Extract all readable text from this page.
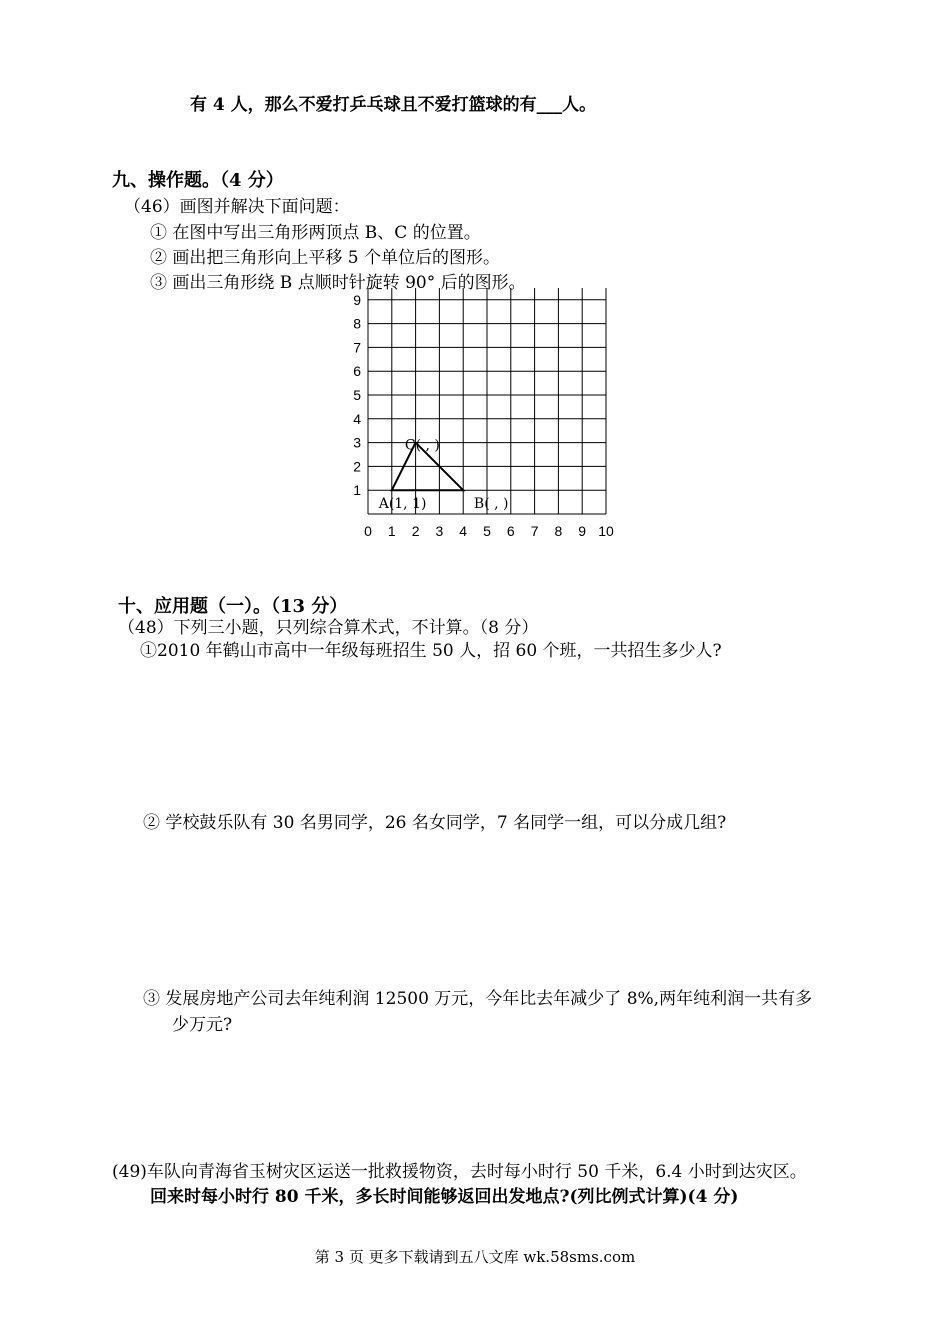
有 4 人，那么不爱打乒乓球且不爱打篮球的有___人。
九、操作题。（4 分）
（46）画图并解决下面问题：
① 在图中写出三角形两顶点 B、C 的位置。
② 画出把三角形向上平移 5 个单位后的图形。
③ 画出三角形绕 B 点顺时针旋转 90° 后的图形。
0 1 2 3 4 5 6 7 8 9 10
1
2
3
4
5
6
7
8
9
A(1, 1)	B( , )
C( , )
十、应用题（一）。（13 分）
（48）下列三小题，只列综合算术式，不计算。（8 分）
①2010 年鹤山市高中一年级每班招生 50 人，招 60 个班，一共招生多少人?
② 学校鼓乐队有 30 名男同学，26 名女同学，7 名同学一组，可以分成几组?
③ 发展房地产公司去年纯利润 12500 万元，今年比去年减少了 8%,两年纯利润一共有多
少万元?
(49)车队向青海省玉树灾区运送一批救援物资，去时每小时行 50 千米，6.4 小时到达灾区。
回来时每小时行 80 千米，多长时间能够返回出发地点?(列比例式计算)(4 分)
第 3 页 更多下载请到五八文库 wk.58sms.com
